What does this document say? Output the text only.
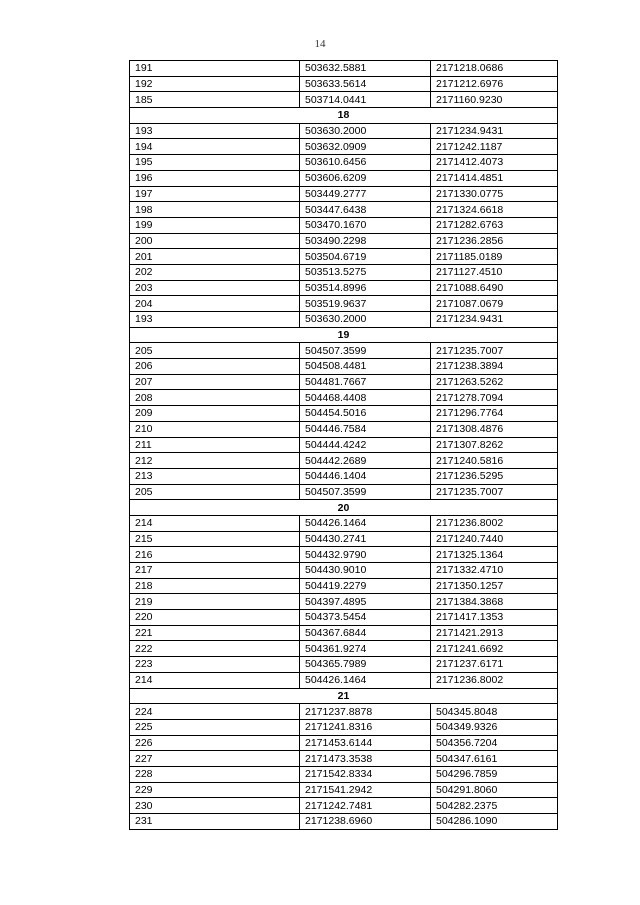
14
191	503632.5881	2171218.0686
192	503633.5614	2171212.6976
185	503714.0441	2171160.9230
18		
193	503630.2000	2171234.9431
194	503632.0909	2171242.1187
195	503610.6456	2171412.4073
196	503606.6209	2171414.4851
197	503449.2777	2171330.0775
198	503447.6438	2171324.6618
199	503470.1670	2171282.6763
200	503490.2298	2171236.2856
201	503504.6719	2171185.0189
202	503513.5275	2171127.4510
203	503514.8996	2171088.6490
204	503519.9637	2171087.0679
193	503630.2000	2171234.9431
19		
205	504507.3599	2171235.7007
206	504508.4481	2171238.3894
207	504481.7667	2171263.5262
208	504468.4408	2171278.7094
209	504454.5016	2171296.7764
210	504446.7584	2171308.4876
211	504444.4242	2171307.8262
212	504442.2689	2171240.5816
213	504446.1404	2171236.5295
205	504507.3599	2171235.7007
20		
214	504426.1464	2171236.8002
215	504430.2741	2171240.7440
216	504432.9790	2171325.1364
217	504430.9010	2171332.4710
218	504419.2279	2171350.1257
219	504397.4895	2171384.3868
220	504373.5454	2171417.1353
221	504367.6844	2171421.2913
222	504361.9274	2171241.6692
223	504365.7989	2171237.6171
214	504426.1464	2171236.8002
21		
224	2171237.8878	504345.8048
225	2171241.8316	504349.9326
226	2171453.6144	504356.7204
227	2171473.3538	504347.6161
228	2171542.8334	504296.7859
229	2171541.2942	504291.8060
230	2171242.7481	504282.2375
231	2171238.6960	504286.1090
